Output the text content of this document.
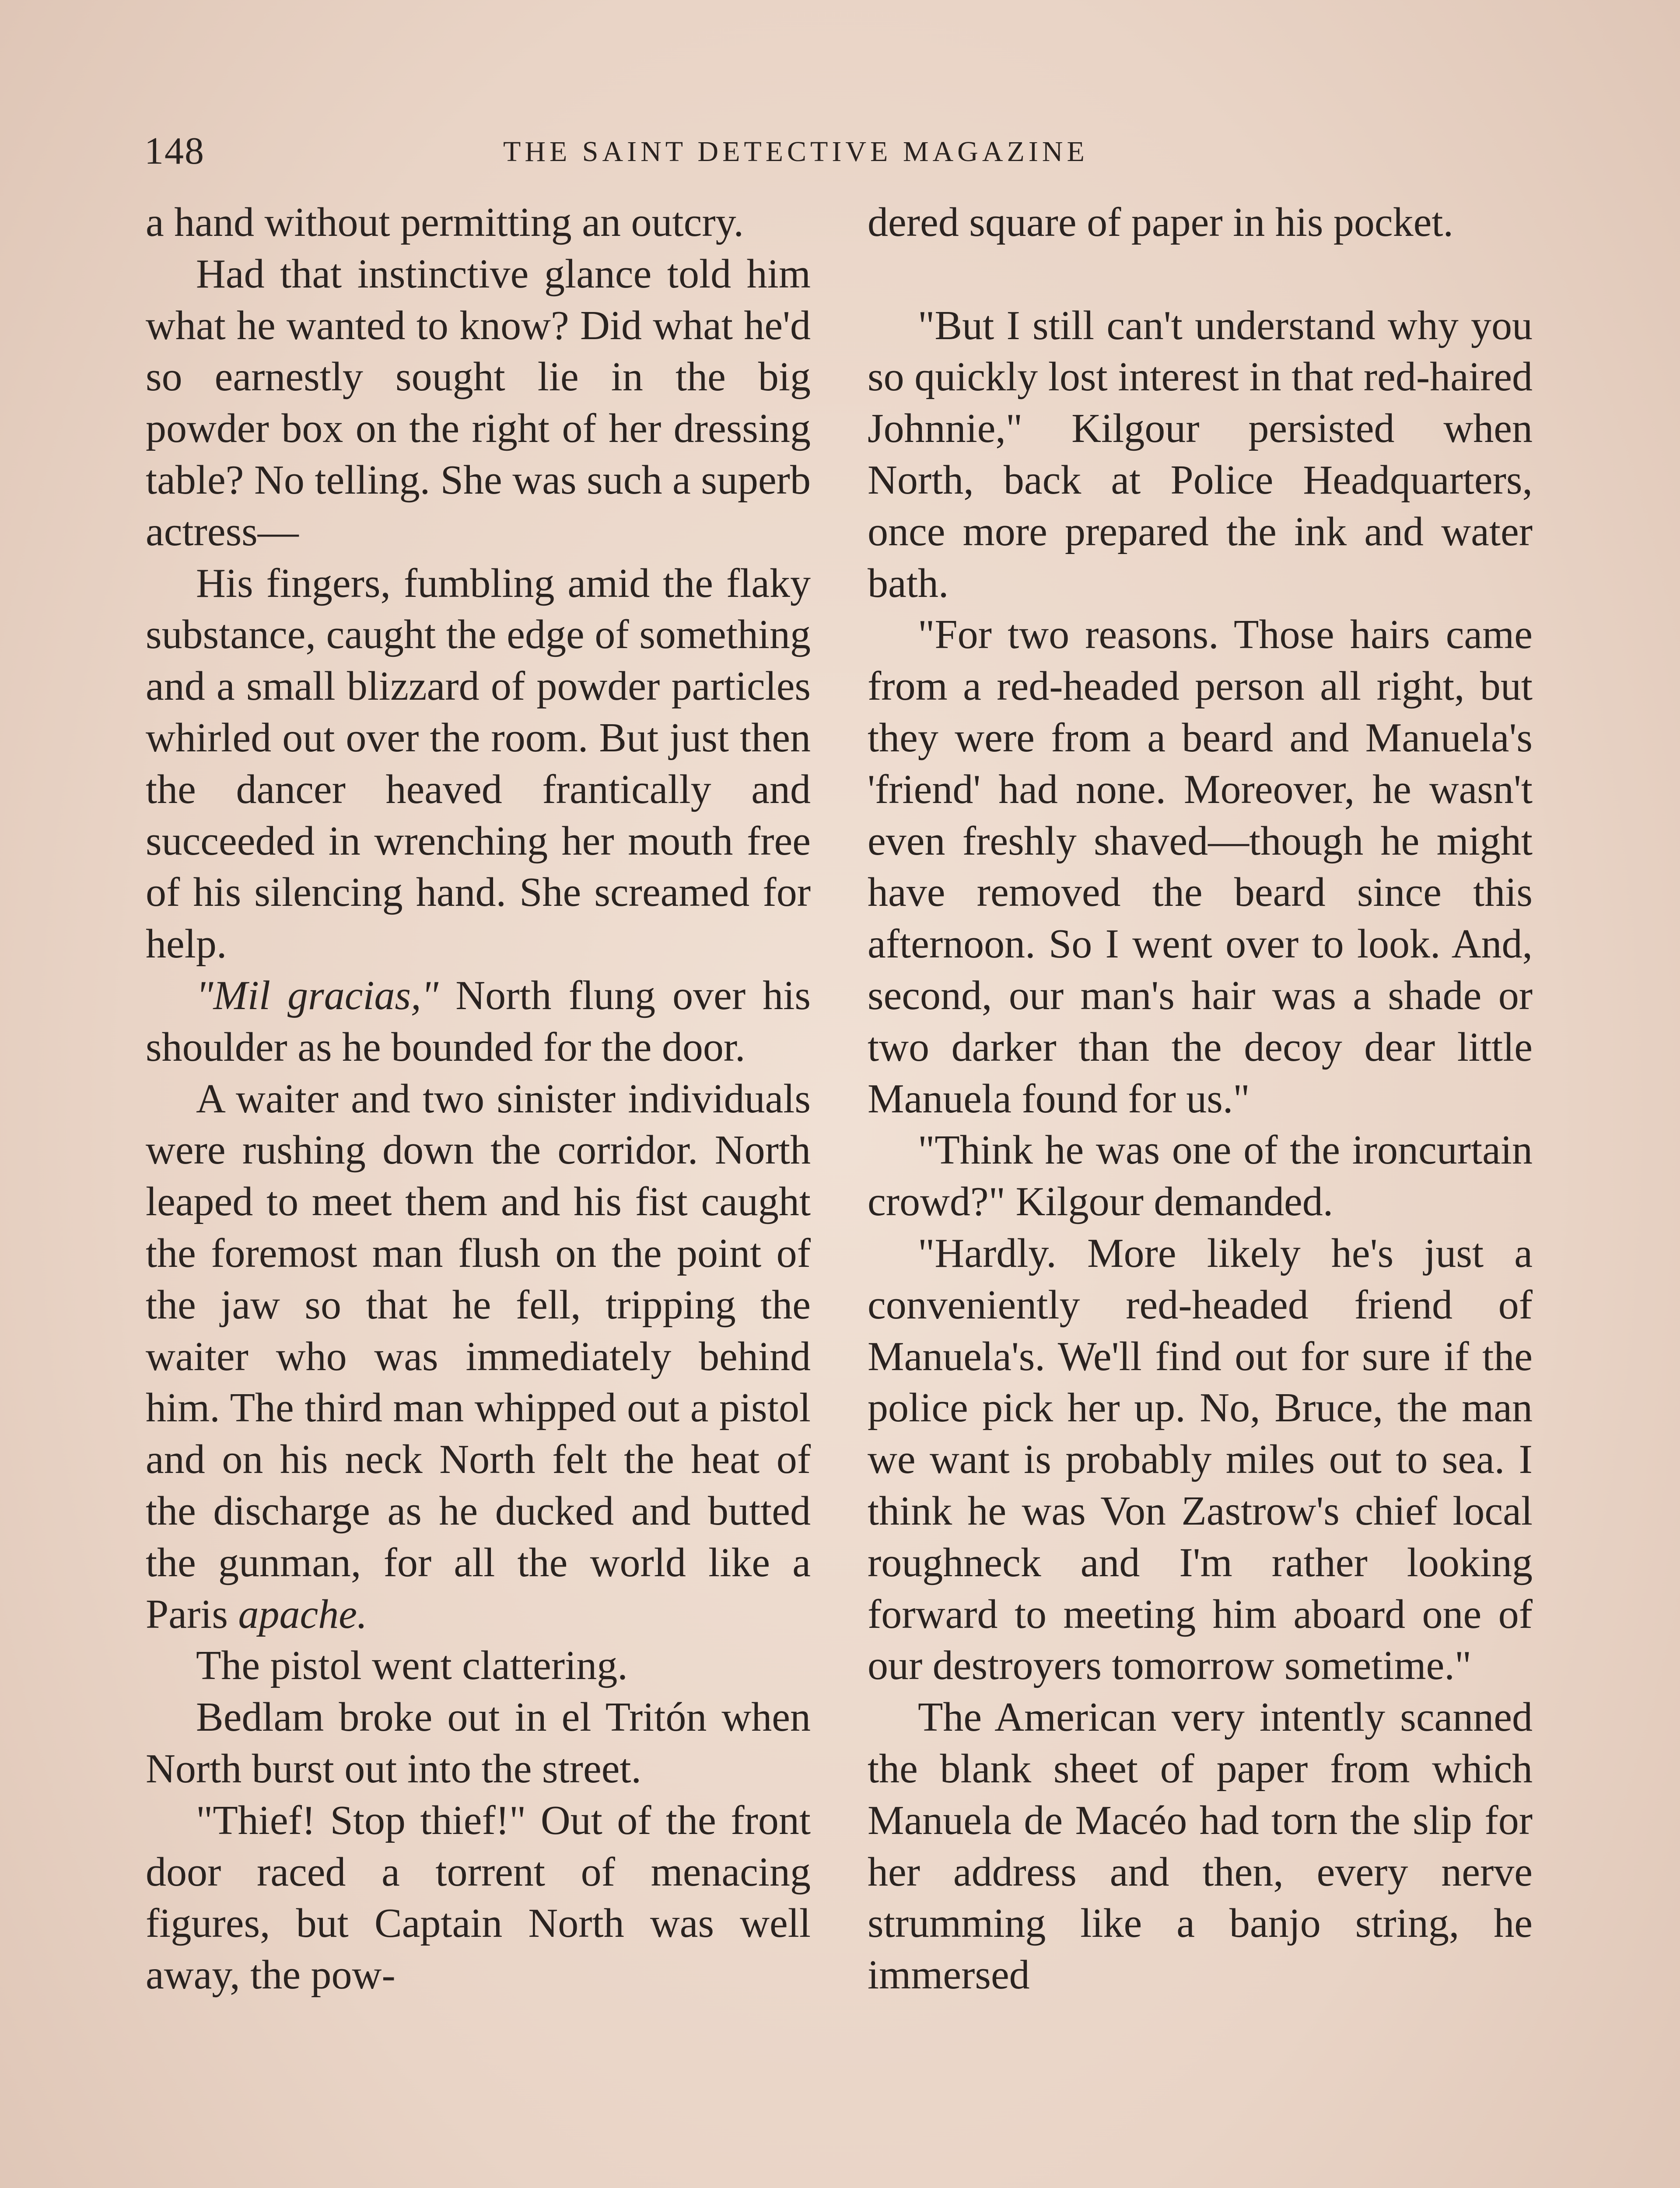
148	THE SAINT DETECTIVE MAGAZINE

a hand without permitting an outcry.

Had that instinctive glance told him what he wanted to know? Did what he'd so earnestly sought lie in the big powder box on the right of her dressing table? No telling. She was such a superb actress—

His fingers, fumbling amid the flaky substance, caught the edge of something and a small blizzard of powder particles whirled out over the room. But just then the dancer heaved frantically and succeeded in wrenching her mouth free of his silencing hand. She screamed for help.

"Mil gracias," North flung over his shoulder as he bounded for the door.

A waiter and two sinister individuals were rushing down the corridor. North leaped to meet them and his fist caught the foremost man flush on the point of the jaw so that he fell, tripping the waiter who was immediately behind him. The third man whipped out a pistol and on his neck North felt the heat of the discharge as he ducked and butted the gunman, for all the world like a Paris apache.

The pistol went clattering.

Bedlam broke out in el Tritón when North burst out into the street.

"Thief! Stop thief!" Out of the front door raced a torrent of menacing figures, but Captain North was well away, the pow-

dered square of paper in his pocket.

"But I still can't understand why you so quickly lost interest in that red-haired Johnnie," Kilgour persisted when North, back at Police Headquarters, once more prepared the ink and water bath.

"For two reasons. Those hairs came from a red-headed person all right, but they were from a beard and Manuela's 'friend' had none. Moreover, he wasn't even freshly shaved—though he might have removed the beard since this afternoon. So I went over to look. And, second, our man's hair was a shade or two darker than the decoy dear little Manuela found for us."

"Think he was one of the ironcurtain crowd?" Kilgour demanded.

"Hardly. More likely he's just a conveniently red-headed friend of Manuela's. We'll find out for sure if the police pick her up. No, Bruce, the man we want is probably miles out to sea. I think he was Von Zastrow's chief local roughneck and I'm rather looking forward to meeting him aboard one of our destroyers tomorrow sometime."

The American very intently scanned the blank sheet of paper from which Manuela de Macéo had torn the slip for her address and then, every nerve strumming like a banjo string, he immersed
